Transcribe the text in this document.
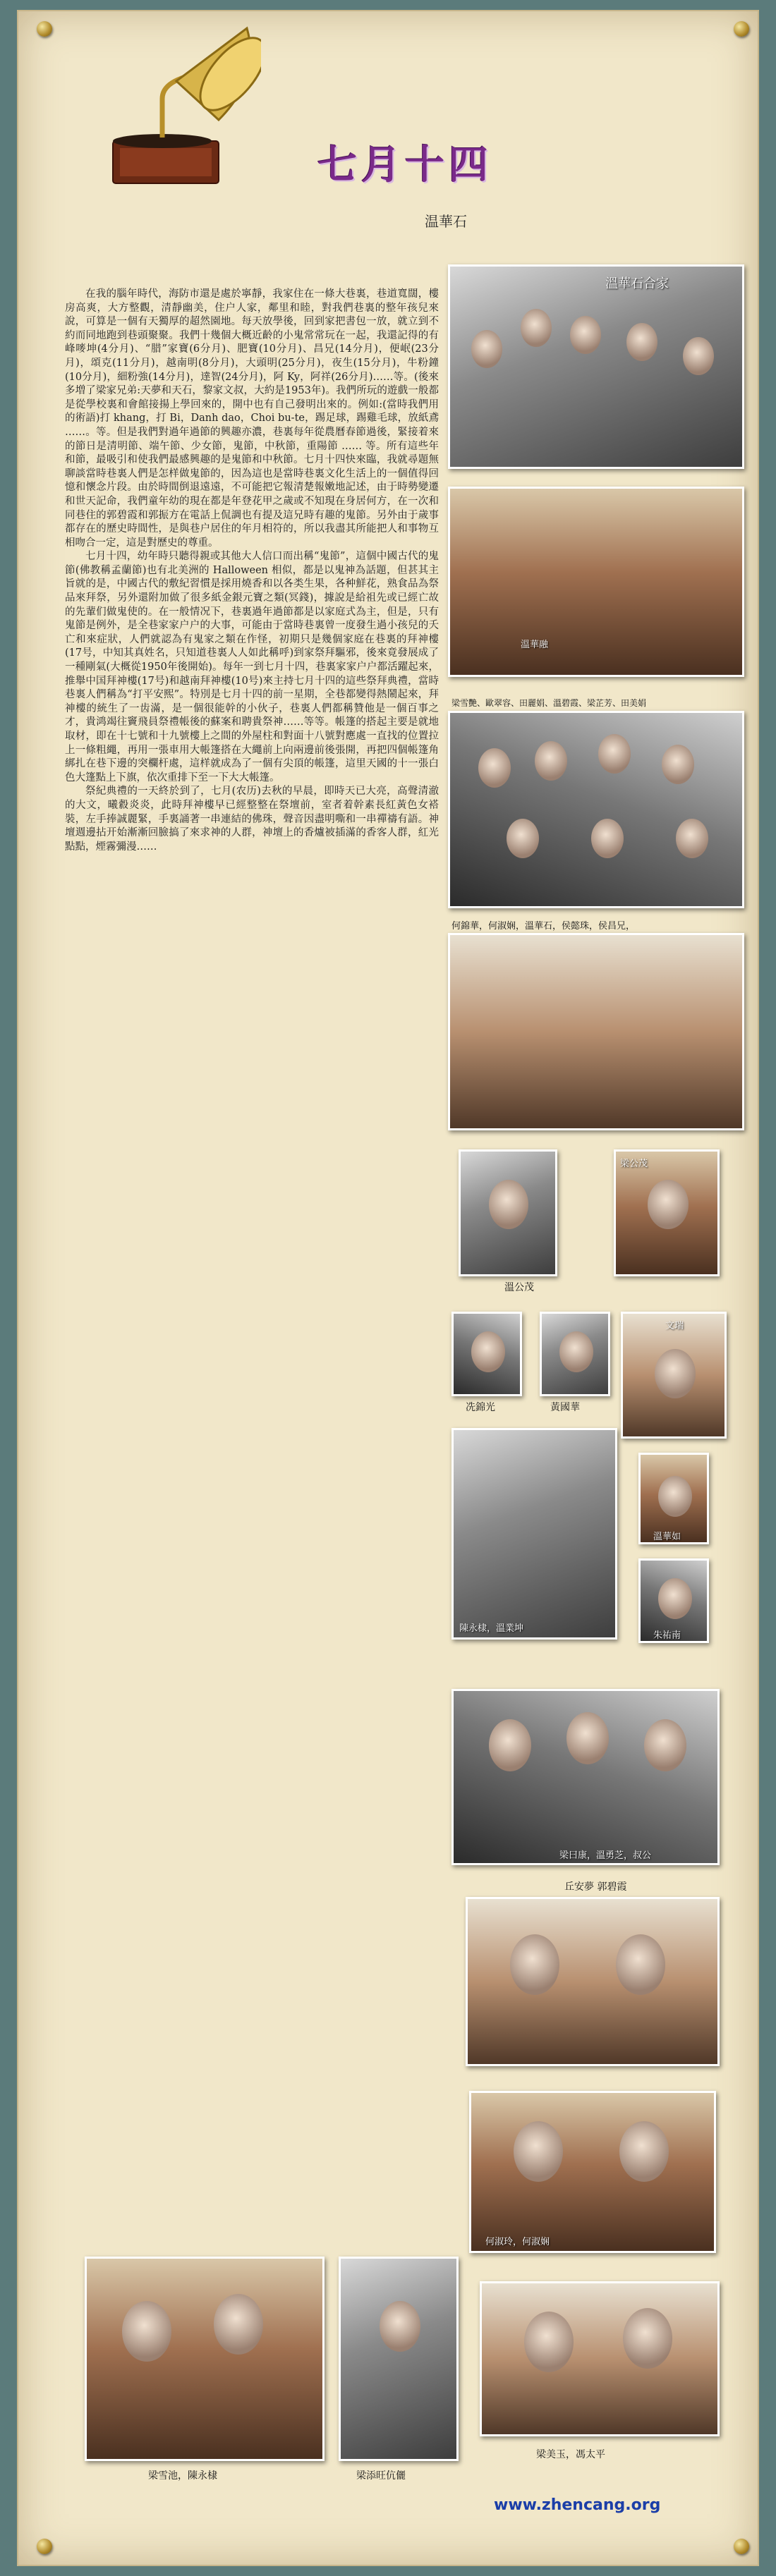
七月十四
温華石

在我的腦年時代，海防市還是處於寧靜，我家住在一條大巷裏，巷道寬闊，樓房高爽，大方整觀，清靜幽美，住户人家，鄰里和睦，對我們巷裏的整年孩兒來說，可算是一個有天獨厚的超然園地。每天放學後，回到家把書包一放，就立到不約而同地跑到巷頭聚聚。我們十幾個大概近齡的小鬼常常玩在一起，我還記得的有峰嘜坤(4分月)、“腊”家寶(6分月)、肥寶(10分月)、昌兄(14分月)，便岷(23分月)，頌克(11分月)，越南明(8分月)，大頭明(25分月)，夜生(15分月)，牛粉鐘(10分月)，細粉強(14分月)，達智(24分月)，阿 Ky，阿祥(26分月)……等。(後來多増了梁家兄弟:天夢和天石，黎家文叔，大約是1953年)。我們所玩的遊戲一般都是從學校裏和會館接揚上學回來的，開中也有自己發明出來的。例如:(當時我們用的術語)打 khang，打 Bi，Danh dao，Choi bu-te，踢足球，踢雞毛球，放紙鳶 ……。等。但是我們對過年過節的興趣亦濃，巷裏每年從農曆春節過後，緊接着來的節日是清明節、端午節、少女節，鬼節，中秋節，重陽節 …… 等。所有這些年和節，最吸引和使我們最感興趣的是鬼節和中秋節。七月十四快來臨，我就尋題無聊談當時巷裏人們是怎样做鬼節的，因為這也是當時巷裏文化生活上的一個值得回憶和懷念片段。由於時間倒退遠遠，不可能把它報清楚報嫩地記述，由于時勢變遷和世天記命，我們童年幼的現在都是年登花甲之歲或不知現在身居何方，在一次和同巷住的郭碧霞和郭振方在電話上侃調也有提及這兄時有趣的鬼節。另外由于歲事都存在的歷史時間性，是與巷户居住的年月相符的，所以我盡其所能把人和事物互相吻合一定，這是對歷史的尊重。

七月十四，幼年時只聽得親或其他大人信口而出稱“鬼節”，這個中國古代的鬼節(佛教稱孟蘭節)也有北美洲的 Halloween 相似，都是以鬼神為話題，但甚其主旨就的是，中國古代的敷紀習慣是採用燒香和以各类生果，各种鮮花，熟食品為祭品來拜祭，另外還附加做了很多紙金銀元寶之類(冥錢)，據說是給祖先或已經亡故的先輩们做鬼使的。在一般情况下，巷裏過年過節都是以家庭式為主，但是，只有鬼節是例外，是全巷家家户户的大事，可能由于當時巷裏曾一度發生過小孩兒的夭亡和來症狀，人們就認為有鬼家之類在作怪，初期只是幾個家庭在巷裏的拜神樓(17号，中知其真姓名，只知道巷裏人人如此稱呼)到家祭拜驅邪，後來竟發展成了一種剛氣(大概從1950年後開始)。每年一到七月十四，巷裏家家户户都活躍起來，推舉中国拜神樓(17号)和越南拜神樓(10号)來主持七月十四的這些祭拜典禮，當時巷裏人們稱為“打平安熙”。特別是七月十四的前一星期，全巷都變得熱鬧起來，拜神樓的統生了一齿滿，是一個很能幹的小伙子，巷裏人們都稱贊他是一個百事之才，貴鸿竭往竇飛員祭禮帳後的蘇案和聘貴祭神……等等。帳篷的搭起主要是就地取材，即在十七號和十九號樓上之間的外屋柱和對面十八號對應處一直找的位置拉上一條粗繩，再用一張車用大帳篷搭在大繩前上向兩邊前後張開，再把四個帳篷角綁扎在巷下邊的突欄杆處，這样就成為了一個有尖頂的帳篷，這里天國的十一張白色大篷點上下旗，依次重排下至一下大大帳篷。

祭紀典禮的一天終於到了，七月(农历)去秋的早晨，即時天已大亮，高聲清澈的大文，曦縠炎炎，此時拜神樓早已經整整在祭壇前，室者着幹素長紅黃色女褡裝，左手捧誠麗緊，手裏誦著一串連結的佛珠，聲音因盡明嘶和一串禪禱有語。神壇週邊拈开始漸漸回臉搞了來求神的人群，神壇上的香爐被插滿的香客人群，紅光點點，煙霧彌漫……

溫華石合家
溫華融
梁雪艷、歐翠容、田麗娟、溫碧霞、梁芷芳、田美娟
何錦華，何淑娴，溫華石，侯懿珠，侯昌兄，
溫公茂
梁公茂
冼錦光	黃國華
文瑞
陳永棣，溫業坤
溫華如
朱祐南
梁曰康，溫勇芝，叔公
丘安夢 郭碧霞
何淑玲，何淑娴
梁雪池，陳永棣	梁添旺伉儷
梁美玉，馮太平
www.zhencang.org
